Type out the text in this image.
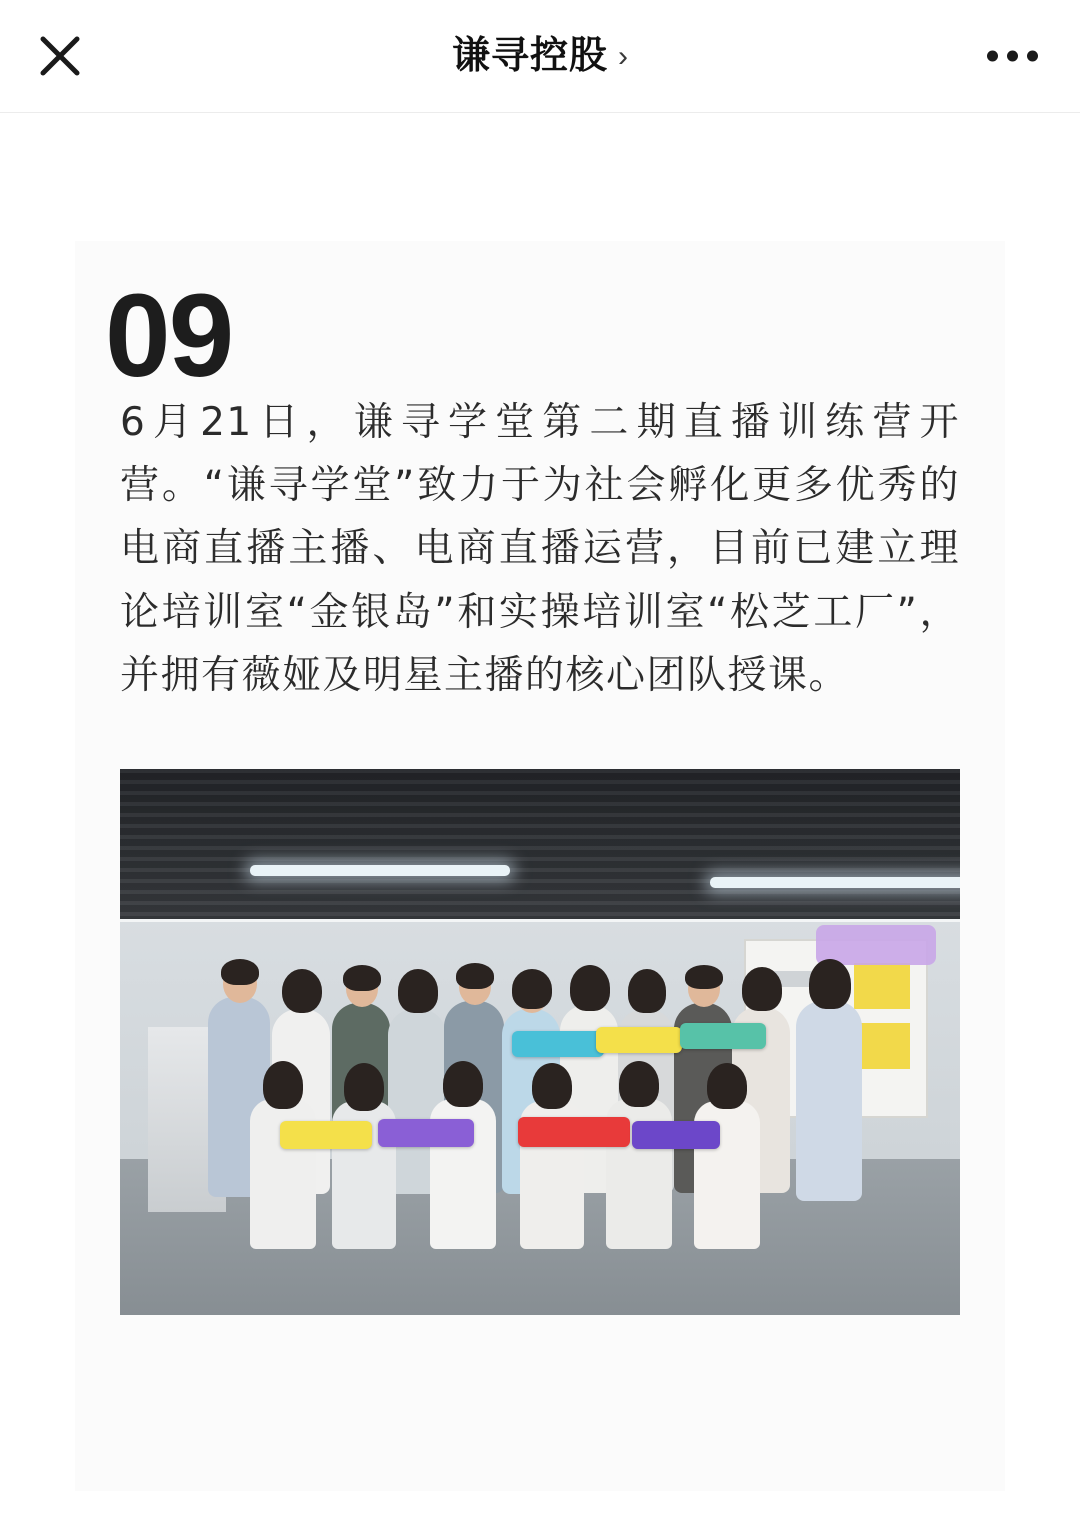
谦寻控股 ›
09

6月21日，谦寻学堂第二期直播训练营开营。“谦寻学堂”致力于为社会孵化更多优秀的电商直播主播、电商直播运营，目前已建立理论培训室“金银岛”和实操培训室“松芝工厂”，并拥有薇娅及明星主播的核心团队授课。
